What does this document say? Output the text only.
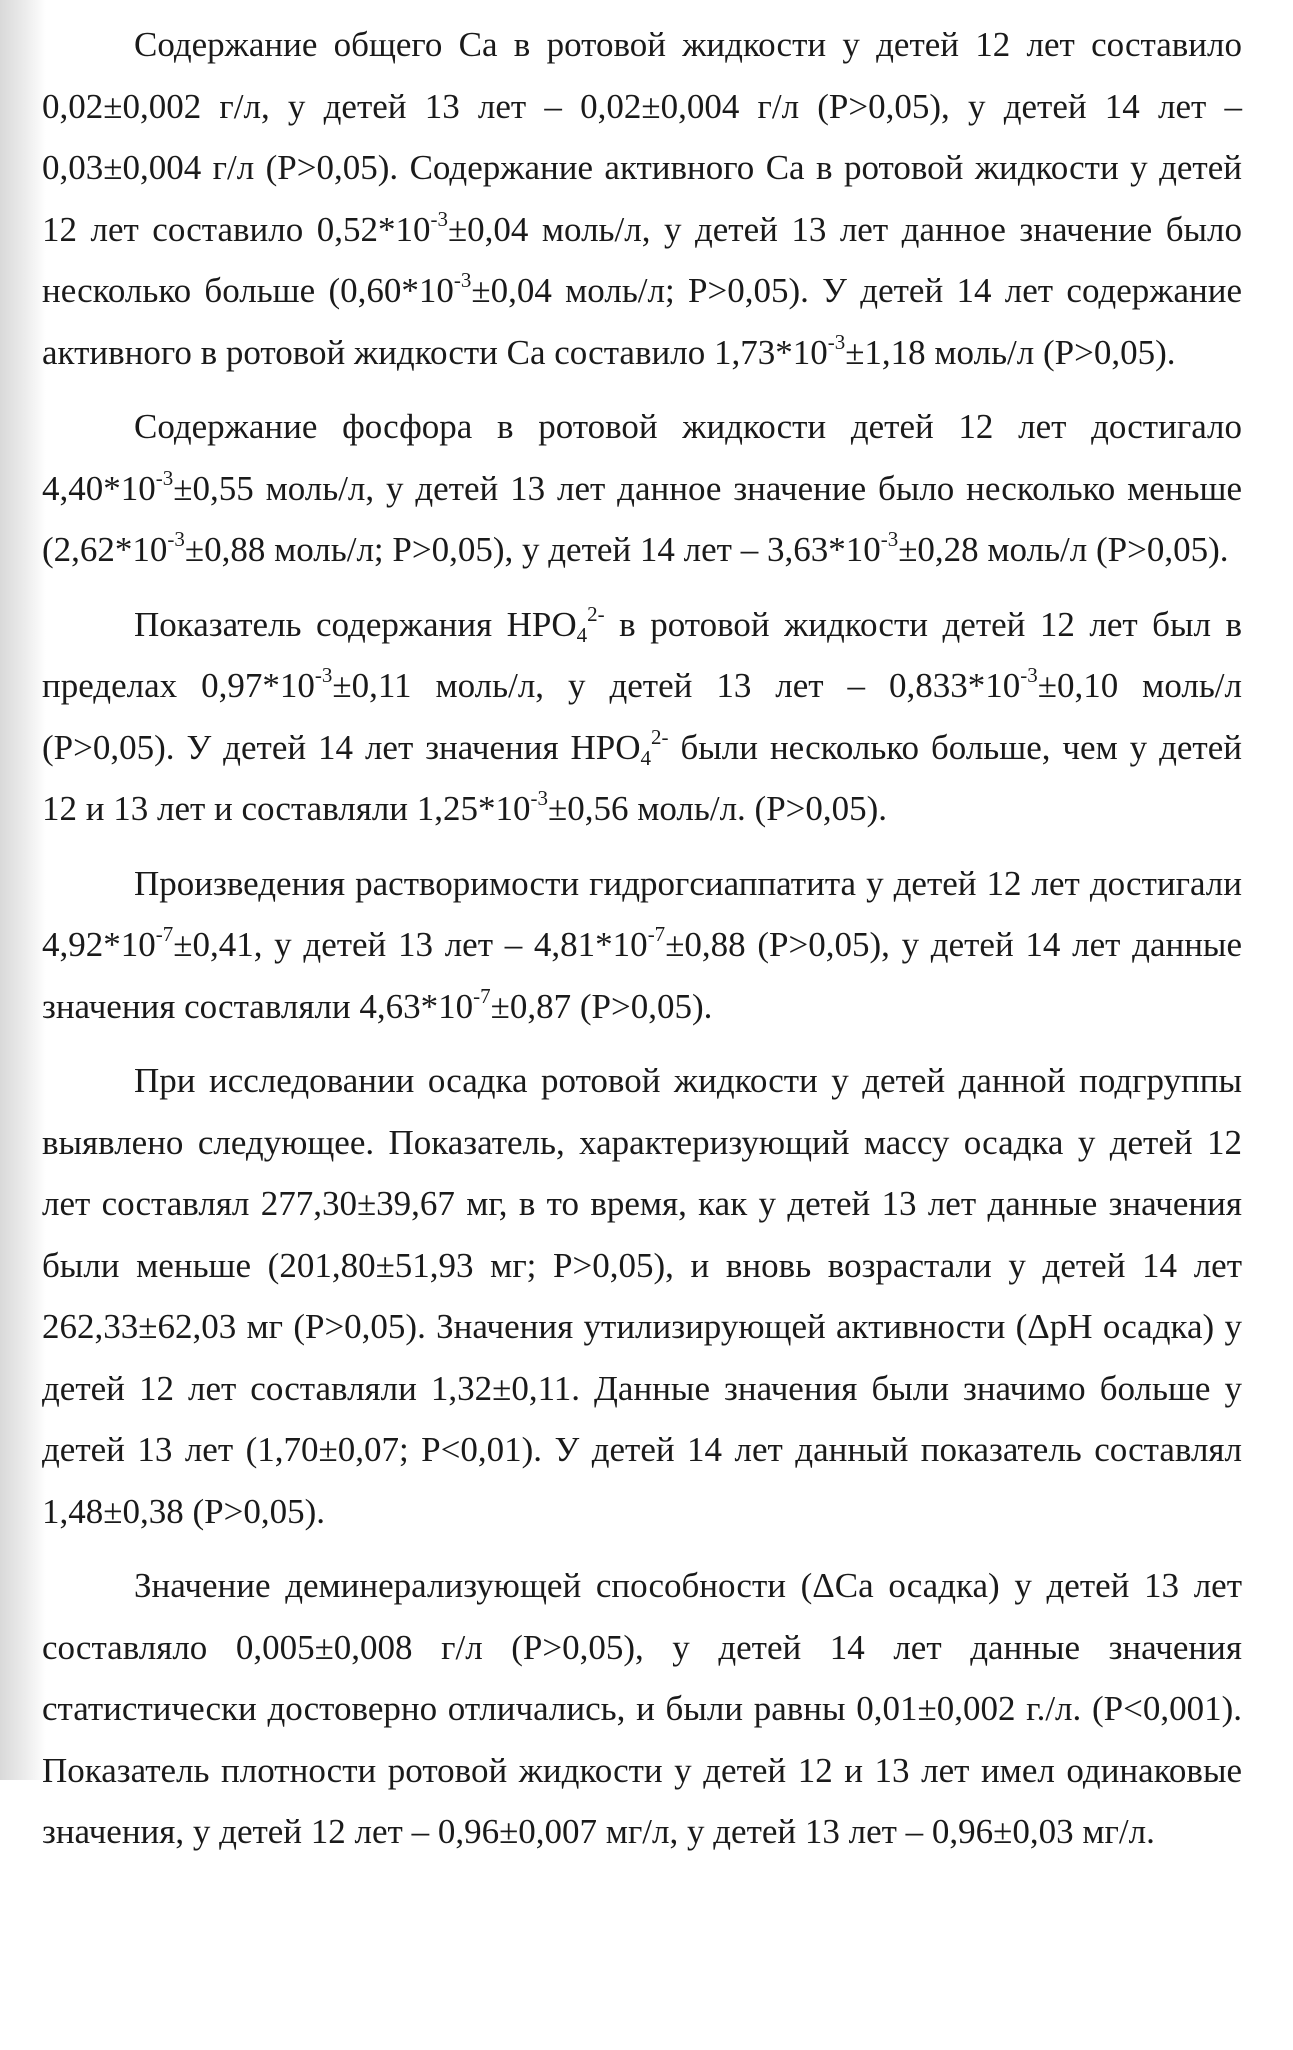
Содержание общего Ca в ротовой жидкости у детей 12 лет составило 0,02±0,002 г/л, у детей 13 лет – 0,02±0,004 г/л (P>0,05), у детей 14 лет – 0,03±0,004 г/л (P>0,05). Содержание активного Ca в ротовой жидкости у детей 12 лет составило $0,52*10^{-3}\pm 0,04$ моль/л, у детей 13 лет данное значение было несколько больше ($0,60*10^{-3}\pm 0,04$ моль/л; P>0,05). У детей 14 лет содержание активного в ротовой жидкости Ca составило $1,73*10^{-3}\pm 1,18$ моль/л (P>0,05).

Содержание фосфора в ротовой жидкости детей 12 лет достигало $4,40*10^{-3}\pm 0,55$ моль/л, у детей 13 лет данное значение было несколько меньше ($2,62*10^{-3}\pm 0,88$ моль/л; P>0,05), у детей 14 лет – $3,63*10^{-3}\pm 0,28$ моль/л (P>0,05).

Показатель содержания $HPO_4^{2-}$ в ротовой жидкости детей 12 лет был в пределах $0,97*10^{-3}\pm 0,11$ моль/л, у детей 13 лет – $0,833*10^{-3}\pm 0,10$ моль/л (P>0,05). У детей 14 лет значения $HPO_4^{2-}$ были несколько больше, чем у детей 12 и 13 лет и составляли $1,25*10^{-3}\pm 0,56$ моль/л. (P>0,05).

Произведения растворимости гидрогсиаппатита у детей 12 лет достигали $4,92*10^{-7}\pm 0,41$, у детей 13 лет – $4,81*10^{-7}\pm 0,88$ (P>0,05), у детей 14 лет данные значения составляли $4,63*10^{-7}\pm 0,87$ (P>0,05).

При исследовании осадка ротовой жидкости у детей данной подгруппы выявлено следующее. Показатель, характеризующий массу осадка у детей 12 лет составлял 277,30±39,67 мг, в то время, как у детей 13 лет данные значения были меньше (201,80±51,93 мг; P>0,05), и вновь возрастали у детей 14 лет 262,33±62,03 мг (P>0,05). Значения утилизирующей активности (ΔpH осадка) у детей 12 лет составляли 1,32±0,11. Данные значения были значимо больше у детей 13 лет (1,70±0,07; P<0,01). У детей 14 лет данный показатель составлял 1,48±0,38 (P>0,05).

Значение деминерализующей способности (ΔCa осадка) у детей 13 лет составляло 0,005±0,008 г/л (P>0,05), у детей 14 лет данные значения статистически достоверно отличались, и были равны 0,01±0,002 г./л. (P<0,001). Показатель плотности ротовой жидкости у детей 12 и 13 лет имел одинаковые значения, у детей 12 лет – 0,96±0,007 мг/л, у детей 13 лет – 0,96±0,03 мг/л.
